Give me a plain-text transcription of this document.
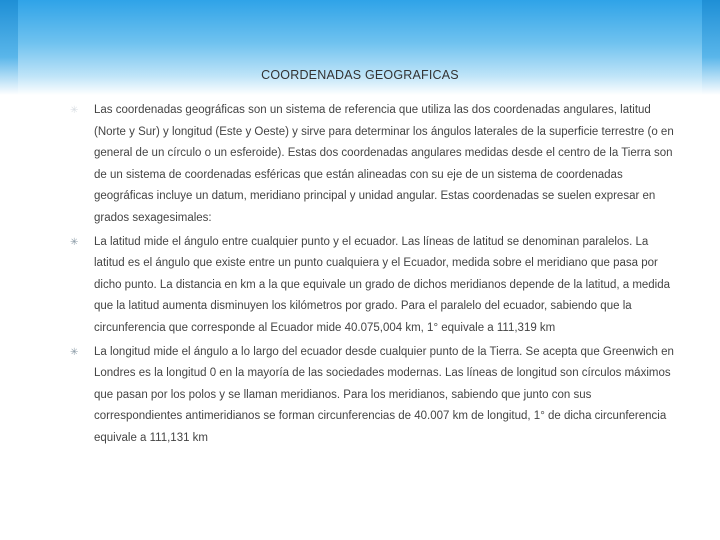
COORDENADAS GEOGRAFICAS
✳ Las coordenadas geográficas son un sistema de referencia que utiliza las dos coordenadas angulares, latitud (Norte y Sur) y longitud (Este y Oeste) y sirve para determinar los ángulos laterales de la superficie terrestre (o en general de un círculo o un esferoide). Estas dos coordenadas angulares medidas desde el centro de la Tierra son de un sistema de coordenadas esféricas que están alineadas con su eje de un sistema de coordenadas geográficas incluye un datum, meridiano principal y unidad angular. Estas coordenadas se suelen expresar en grados sexagesimales:
✳ La latitud mide el ángulo entre cualquier punto y el ecuador. Las líneas de latitud se denominan paralelos. La latitud es el ángulo que existe entre un punto cualquiera y el Ecuador, medida sobre el meridiano que pasa por dicho punto. La distancia en km a la que equivale un grado de dichos meridianos depende de la latitud, a medida que la latitud aumenta disminuyen los kilómetros por grado. Para el paralelo del ecuador, sabiendo que la circunferencia que corresponde al Ecuador mide 40.075,004 km, 1° equivale a 111,319 km
✳ La longitud mide el ángulo a lo largo del ecuador desde cualquier punto de la Tierra. Se acepta que Greenwich en Londres es la longitud 0 en la mayoría de las sociedades modernas. Las líneas de longitud son círculos máximos que pasan por los polos y se llaman meridianos. Para los meridianos, sabiendo que junto con sus correspondientes antimeridianos se forman circunferencias de 40.007 km de longitud, 1° de dicha circunferencia equivale a 111,131 km
